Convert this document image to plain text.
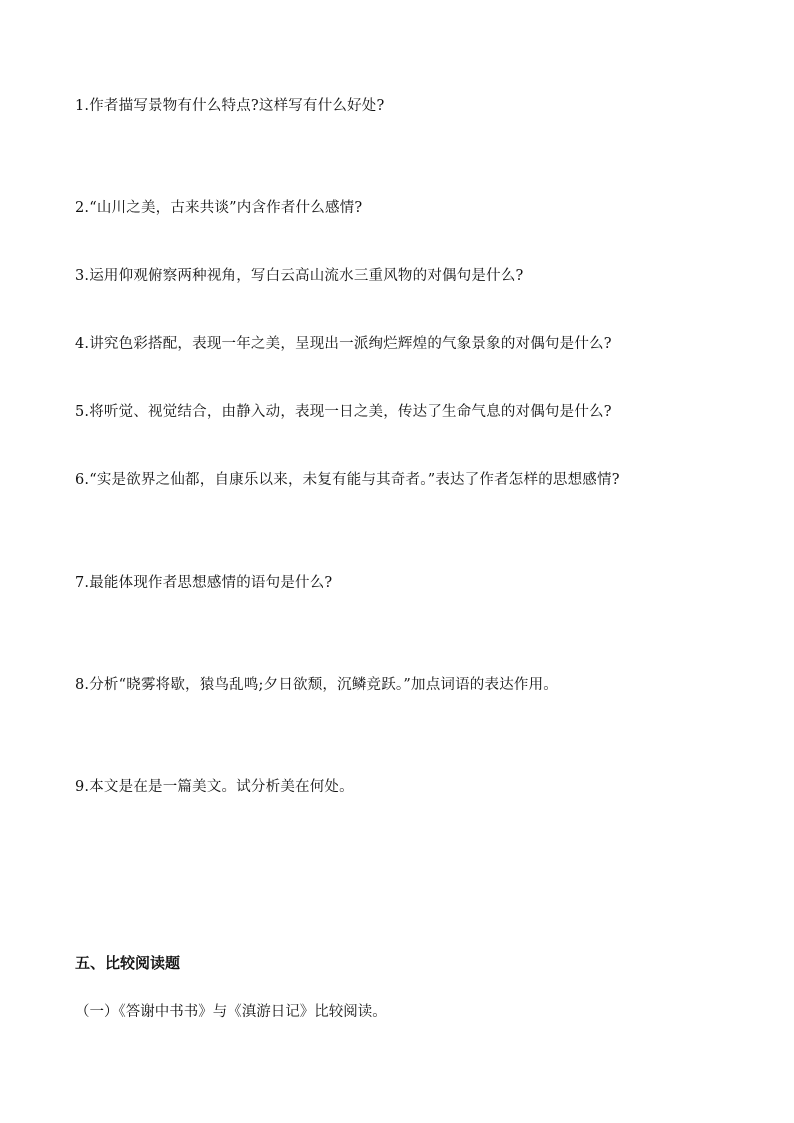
1.作者描写景物有什么特点?这样写有什么好处?
2.“山川之美，古来共谈”内含作者什么感情?
3.运用仰观俯察两种视角，写白云高山流水三重风物的对偶句是什么?
4.讲究色彩搭配，表现一年之美，呈现出一派绚烂辉煌的气象景象的对偶句是什么?
5.将听觉、视觉结合，由静入动，表现一日之美，传达了生命气息的对偶句是什么?
6.“实是欲界之仙都，自康乐以来，未复有能与其奇者。”表达了作者怎样的思想感情?
7.最能体现作者思想感情的语句是什么?
8.分析“晓雾将歇，猿鸟乱鸣;夕日欲颓，沉鳞竞跃。”加点词语的表达作用。
9.本文是在是一篇美文。试分析美在何处。
五、比较阅读题
（一）《答谢中书书》与《滇游日记》比较阅读。
